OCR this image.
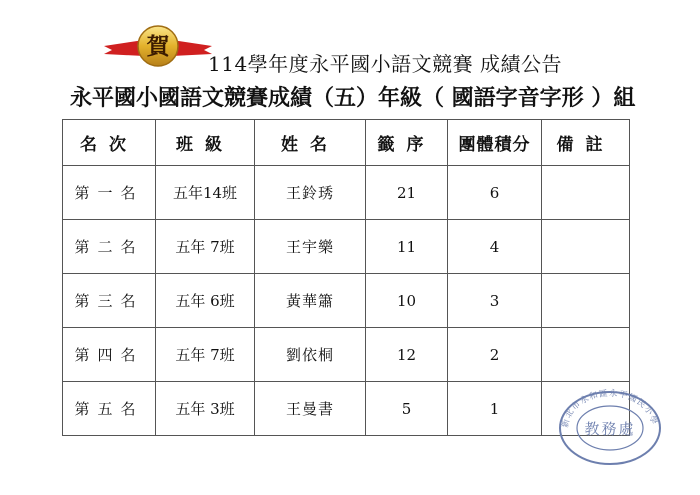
賀
114學年度永平國小語文競賽 成績公告
永平國小國語文競賽成績（五）年級（ 國語字音字形 ）組
名次	班級	姓名	籤序	團體積分	備註
第一名	五年14班	王鈴琇	21	6	
第二名	五年 7班	王宇樂	11	4	
第三名	五年 6班	黃華簫	10	3	
第四名	五年 7班	劉依桐	12	2	
第五名	五年 3班	王曼書	5	1	
新北市永和區永平國民小學
教務處
